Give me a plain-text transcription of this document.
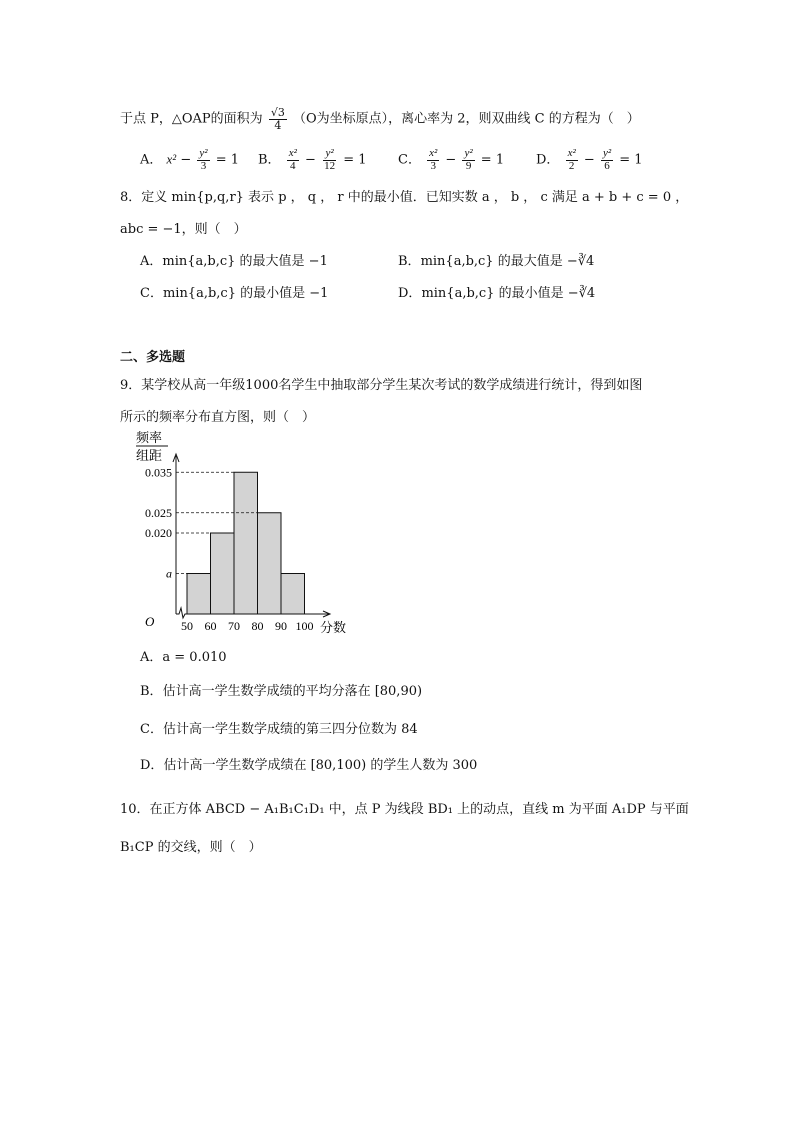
于点 P，△OAP的面积为 $\frac{√3}{4} (O$为坐标原点），离心率为 2，则双曲线 C 的方程为（　）
A． $x^2 - \frac{\text{y²}}{3} = 1$ B． $\frac{\text{x²}}{4} - \frac{\text{y²}}{12} = 1$ C． $\frac{\text{x²}}{3} - \frac{\text{y²}}{9} = 1$ D． $\frac{\text{x²}}{2} - \frac{\text{y²}}{6} = 1$
8．定义 min{p,q,r} 表示 p ， q ， r 中的最小值．已知实数 a ， b ， c 满足 a + b + c = 0 ，
abc = −1，则（　）
A．min{a,b,c} 的最大值是 −1	B．min{a,b,c} 的最大值是 −∛4
C．min{a,b,c} 的最小值是 −1	D．min{a,b,c} 的最小值是 −∛4
二、多选题
9．某学校从高一年级1000名学生中抽取部分学生某次考试的数学成绩进行统计，得到如图
所示的频率分布直方图，则（　）
频率
组距
a
0.020
0.025
0.035
50 60 70 80 90 100
O	分数
A．a = 0.010
B．估计高一学生数学成绩的平均分落在 [80,90)
C．估计高一学生数学成绩的第三四分位数为 84
D．估计高一学生数学成绩在 [80,100) 的学生人数为 300
10．在正方体 ABCD − A₁B₁C₁D₁ 中，点 P 为线段 BD₁ 上的动点，直线 m 为平面 A₁DP 与平面
B₁CP 的交线，则（　）
